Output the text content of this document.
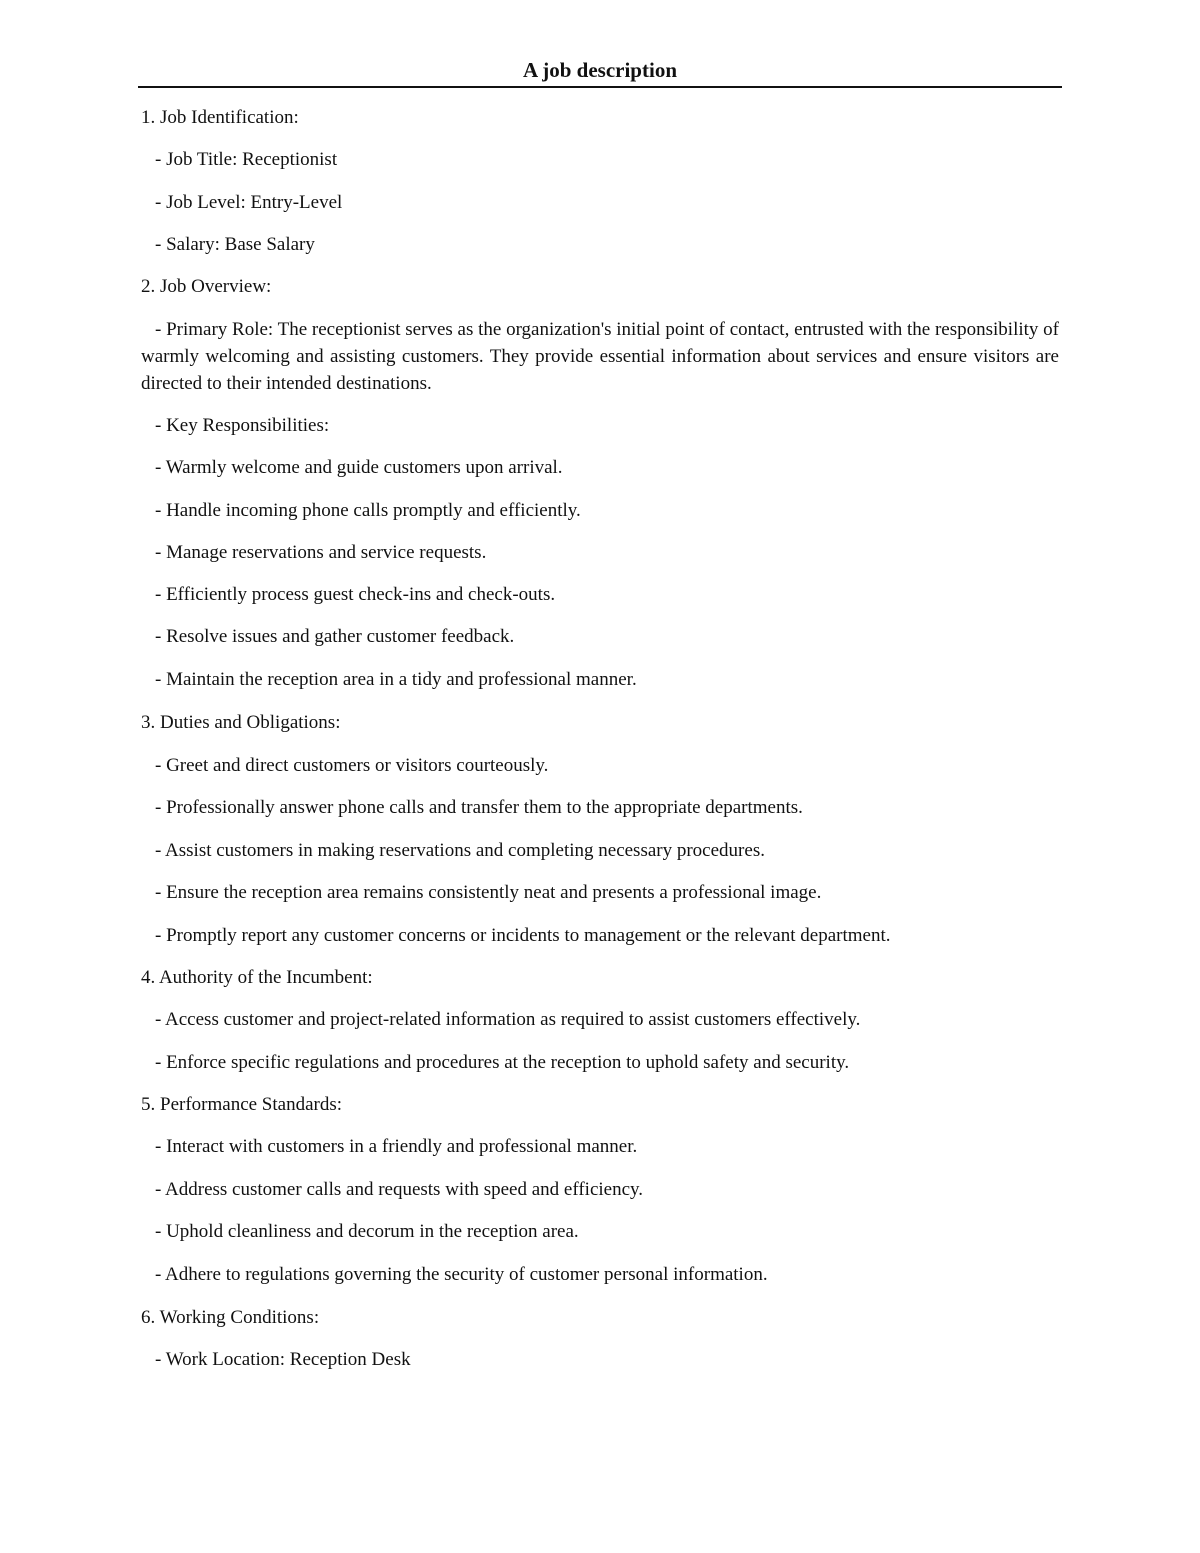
A job description
1. Job Identification:
- Job Title: Receptionist
- Job Level: Entry-Level
- Salary: Base Salary
2. Job Overview:
- Primary Role: The receptionist serves as the organization's initial point of contact, entrusted with the responsibility of warmly welcoming and assisting customers. They provide essential information about services and ensure visitors are directed to their intended destinations.
- Key Responsibilities:
- Warmly welcome and guide customers upon arrival.
- Handle incoming phone calls promptly and efficiently.
- Manage reservations and service requests.
- Efficiently process guest check-ins and check-outs.
- Resolve issues and gather customer feedback.
- Maintain the reception area in a tidy and professional manner.
3. Duties and Obligations:
- Greet and direct customers or visitors courteously.
- Professionally answer phone calls and transfer them to the appropriate departments.
- Assist customers in making reservations and completing necessary procedures.
- Ensure the reception area remains consistently neat and presents a professional image.
- Promptly report any customer concerns or incidents to management or the relevant department.
4. Authority of the Incumbent:
- Access customer and project-related information as required to assist customers effectively.
- Enforce specific regulations and procedures at the reception to uphold safety and security.
5. Performance Standards:
- Interact with customers in a friendly and professional manner.
- Address customer calls and requests with speed and efficiency.
- Uphold cleanliness and decorum in the reception area.
- Adhere to regulations governing the security of customer personal information.
6. Working Conditions:
- Work Location: Reception Desk
